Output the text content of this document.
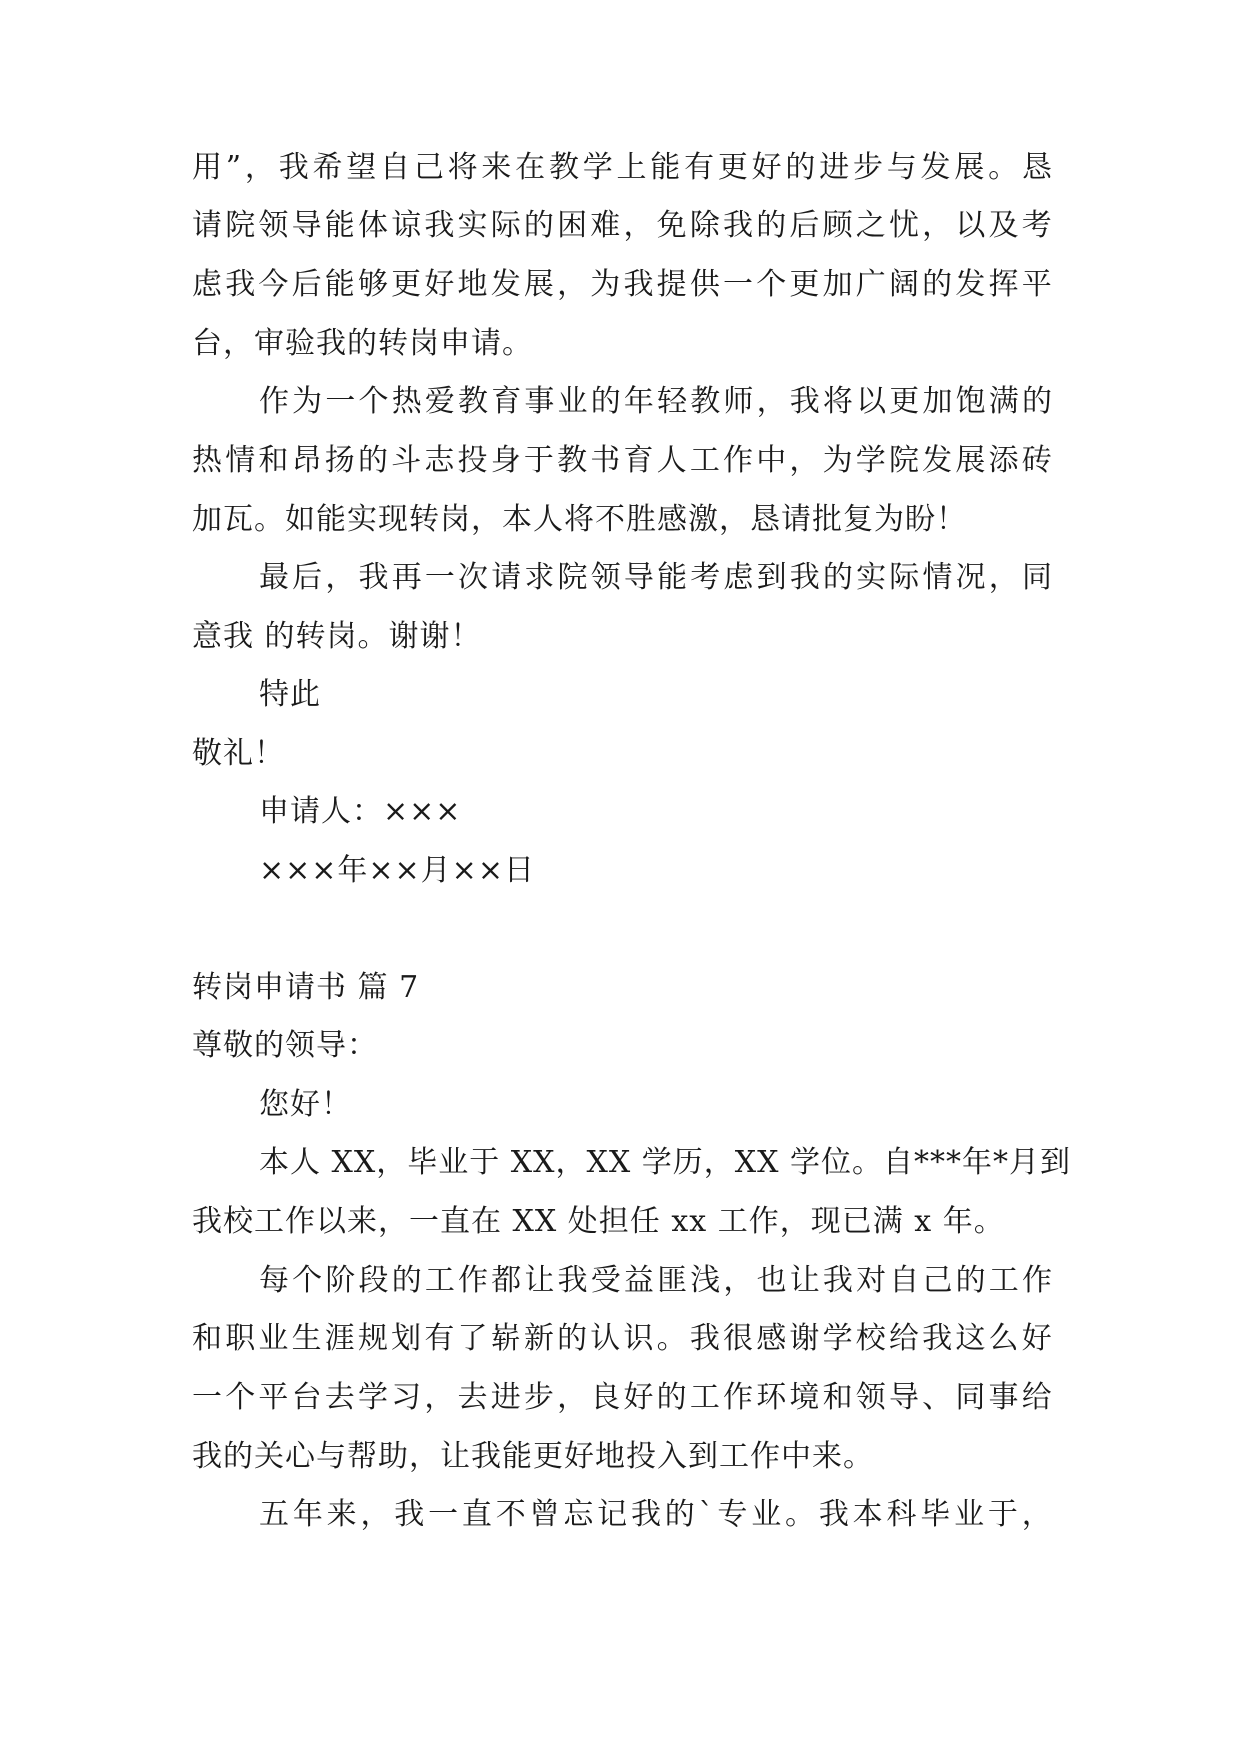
用 ” ， 我 希 望 自 己 将 来 在 教 学 上 能 有 更 好 的 进 步 与 发 展 。 恳
请 院 领 导 能 体 谅 我 实 际 的 困 难 ， 免 除 我 的 后 顾 之 忧 ， 以 及 考
虑 我 今 后 能 够 更 好 地 发 展 ， 为 我 提 供 一 个 更 加 广 阔 的 发 挥 平
台，审验我的转岗申请。
作 为 一 个 热 爱 教 育 事 业 的 年 轻 教 师 ， 我 将 以 更 加 饱 满 的
热 情 和 昂 扬 的 斗 志 投 身 于 教 书 育 人 工 作 中 ， 为 学 院 发 展 添 砖
加瓦。如能实现转岗，本人将不胜感激，恳请批复为盼！
最 后 ， 我 再 一 次 请 求 院 领 导 能 考 虑 到 我 的 实 际 情 况 ， 同
意我 的转岗。谢谢！
特此
敬礼！
申请人：×××
×××年××月××日
转岗申请书 篇 7
尊敬的领导：
您好！
本人 XX，毕业于 XX，XX 学历，XX 学位。自***年*月到
我校工作以来，一直在 XX 处担任 xx 工作，现已满 x 年。
每 个 阶 段 的 工 作 都 让 我 受 益 匪 浅 ， 也 让 我 对 自 己 的 工 作
和 职 业 生 涯 规 划 有 了 崭 新 的 认 识 。 我 很 感 谢 学 校 给 我 这 么 好
一 个 平 台 去 学 习 ， 去 进 步 ， 良 好 的 工 作 环 境 和 领 导 、 同 事 给
我的关心与帮助，让我能更好地投入到工作中来。
五 年 来 ， 我 一 直 不 曾 忘 记 我 的 ` 专 业 。 我 本 科 毕 业 于 ，
